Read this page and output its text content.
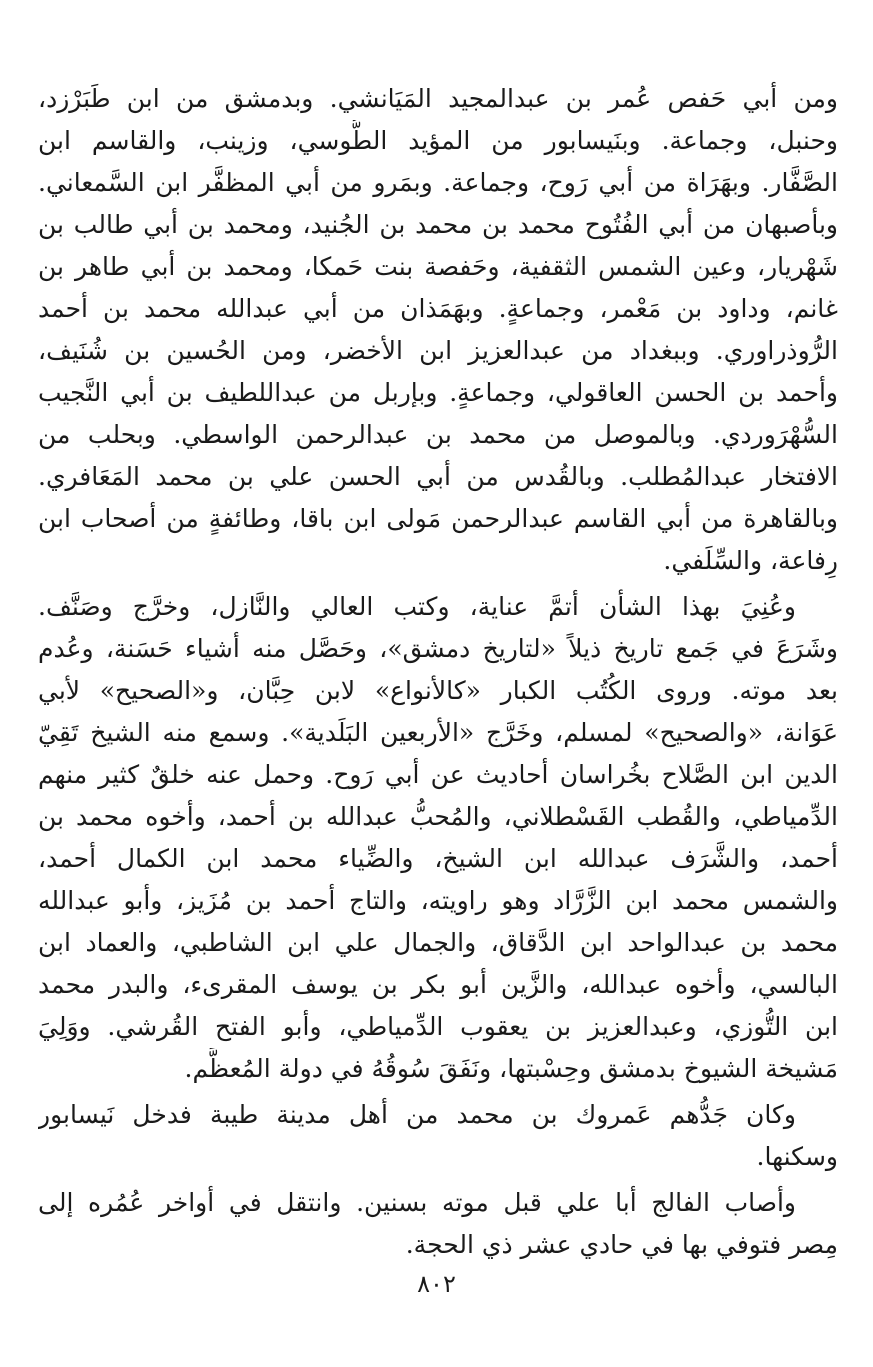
ومن أبي حَفص عُمر بن عبدالمجيد المَيَانشي. وبدمشق من ابن طَبَرْزد،
وحنبل، وجماعة. وبنَيسابور من المؤيد الطُّوسي، وزينب، والقاسم ابن
الصَّفَّار. وبهَرَاة من أبي رَوح، وجماعة. وبمَرو من أبي المظفَّر ابن السَّمعاني.
وبأصبهان من أبي الفُتُوح محمد بن محمد بن الجُنيد، ومحمد بن أبي طالب بن
شَهْريار، وعين الشمس الثقفية، وحَفصة بنت حَمكا، ومحمد بن أبي طاهر بن
غانم، وداود بن مَعْمر، وجماعةٍ. وبهَمَذان من أبي عبدالله محمد بن أحمد
الرُّوذراوري. وببغداد من عبدالعزيز ابن الأخضر، ومن الحُسين بن شُنَيف،
وأحمد بن الحسن العاقولي، وجماعةٍ. وبإربل من عبداللطيف بن أبي النَّجيب
السُّهْرَوردي. وبالموصل من محمد بن عبدالرحمن الواسطي. وبحلب من
الافتخار عبدالمُطلب. وبالقُدس من أبي الحسن علي بن محمد المَعَافري.
وبالقاهرة من أبي القاسم عبدالرحمن مَولى ابن باقا، وطائفةٍ من أصحاب ابن
رِفاعة، والسِّلَفي.
وعُنِيَ بهذا الشأن أتمَّ عناية، وكتب العالي والنَّازل، وخرَّج وصَنَّف.
وشَرَعَ في جَمع تاريخ ذيلاً «لتاريخ دمشق»، وحَصَّل منه أشياء حَسَنة، وعُدم
بعد موته. وروى الكُتُب الكبار «كالأنواع» لابن حِبَّان، و«الصحيح» لأبي
عَوَانة، «والصحيح» لمسلم، وخَرَّج «الأربعين البَلَدية». وسمع منه الشيخ تَقِيّ
الدين ابن الصَّلاح بخُراسان أحاديث عن أبي رَوح. وحمل عنه خلقٌ كثير منهم
الدِّمياطي، والقُطب القَسْطلاني، والمُحبُّ عبدالله بن أحمد، وأخوه محمد بن
أحمد، والشَّرَف عبدالله ابن الشيخ، والضِّياء محمد ابن الكمال أحمد،
والشمس محمد ابن الزَّرَّاد وهو راويته، والتاج أحمد بن مُزَيز، وأبو عبدالله
محمد بن عبدالواحد ابن الدَّقاق، والجمال علي ابن الشاطبي، والعماد ابن
البالسي، وأخوه عبدالله، والزَّين أبو بكر بن يوسف المقرىء، والبدر محمد
ابن التُّوزي، وعبدالعزيز بن يعقوب الدِّمياطي، وأبو الفتح القُرشي. ووَلِيَ
مَشيخة الشيوخ بدمشق وحِسْبتها، ونَفَقَ سُوقُهُ في دولة المُعظَّم.
وكان جَدُّهم عَمروك بن محمد من أهل مدينة طيبة فدخل نَيسابور
وسكنها.
وأصاب الفالج أبا علي قبل موته بسنين. وانتقل في أواخر عُمُره إلى
مِصر فتوفي بها في حادي عشر ذي الحجة.
٨٠٢
